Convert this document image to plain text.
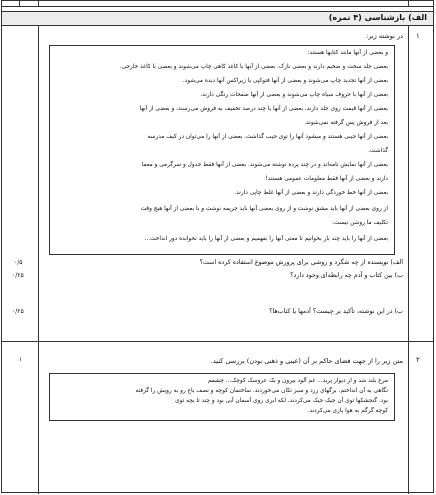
الف) بازشناسی (۴ نمره)
۱
در نوشته زیر:
و بعضی از آنها مانند کتابها هستند:
بعضی جلد سخت و ضخیم دارند و بعضی نازک. بعضی از آنها با کاغذ کاهی چاپ می‌شوند و بعضی با کاغذ خارجی.
بعضی از آنها تجدید چاپ می‌شوند و بعضی از آنها فتوکپی یا زیراکس آنها دیده می‌شود.
بعضی از آنها با حروف سیاه چاپ می‌شوند و بعضی از آنها صفحات رنگی دارند.
بعضی از آنها قیمت روی جلد دارند. بعضی از آنها با چند درصد تخفیف به فروش می‌رسند، و بعضی از آنها
بعد از فروش پس گرفته نمی‌شوند.
بعضی از آنها جیبی هستند و میشود آنها را توی جیب گذاشت. بعضی از آنها را می‌توان در کیف مدرسه
گذاشت.
بعضی از آنها نمایش نامه‌اند و در چند پرده نوشته می‌شوند. بعضی از آنها فقط جدول و سرگرمی و معما
دارند و بعضی از آنها فقط معلومات عمومی هستند!
بعضی از آنها خط خوردگی دارند و بعضی از آنها غلط چاپی دارند.
از روی بعضی از آنها باید مشق نوشت و از روی بعضی آنها باید جریمه نوشت و با بعضی از آنها هیچ وقت
تکلیف ما روشن نیست.
بعضی از آنها را باید چند بار بخوانیم تا معنی آنها را بفهمیم و بعضی از آنها را باید نخوانده دور انداخت...
الف) نویسنده از چه شگرد و روشی برای پرورش موضوع استفاده کرده است؟
۰/۵
ب) بین کتاب و آدم چه رابطه‌ای وجود دارد؟
۰/۲۵
ب) در این نوشته، تأکید بر چیست؟ آدمها یا کتاب‌ها؟
۰/۲۵
۲
۱	متن زیر را از جهت فضای حاکم بر آن (عینی و ذهنی بودن) بررسی کنید.
مرغ بلند شد و از دیوار پرید... غم آلود بیرون و یک عروسک کوچک... چشمم
نگاهی به آن انداختم. برگهای زرد و سبز تکان می‌خوردند. ساختمان کوچه و نصف باغ رو به رویش را گرفته
بود. گنجشکها توی آن جیک جیک می‌کردند. لکه ابری روی آسمان آبی بود و چند تا بچه توی
کوچه گرگم به هوا بازی می‌کردند.
